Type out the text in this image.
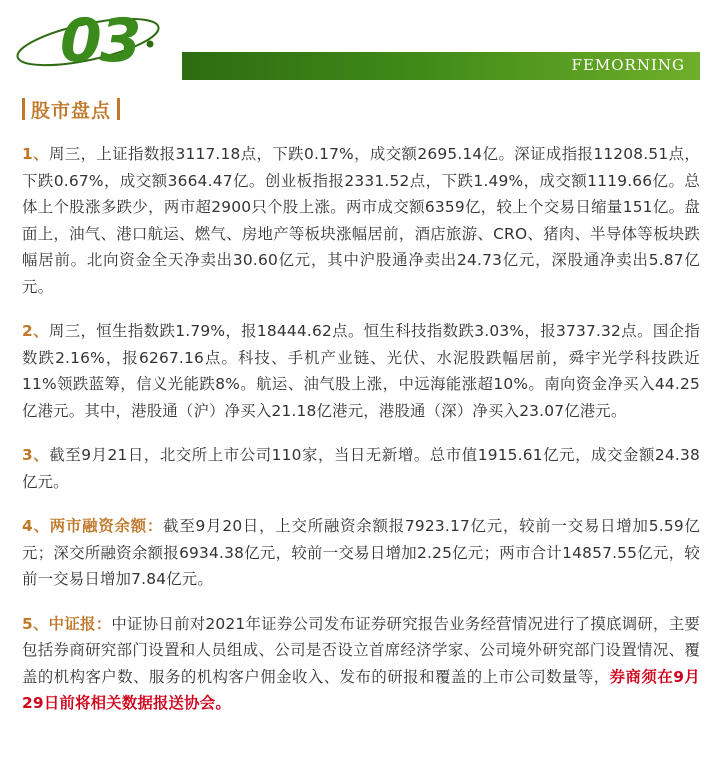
03	FEMORNING
股市盘点

1、周三，上证指数报3117.18点，下跌0.17%，成交额2695.14亿。深证成指报11208.51点，下跌0.67%，成交额3664.47亿。创业板指报2331.52点，下跌1.49%，成交额1119.66亿。总体上个股涨多跌少，两市超2900只个股上涨。两市成交额6359亿，较上个交易日缩量151亿。盘面上，油气、港口航运、燃气、房地产等板块涨幅居前，酒店旅游、CRO、猪肉、半导体等板块跌幅居前。北向资金全天净卖出30.60亿元，其中沪股通净卖出24.73亿元，深股通净卖出5.87亿元。

2、周三，恒生指数跌1.79%，报18444.62点。恒生科技指数跌3.03%，报3737.32点。国企指数跌2.16%，报6267.16点。科技、手机产业链、光伏、水泥股跌幅居前，舜宇光学科技跌近11%领跌蓝筹，信义光能跌8%。航运、油气股上涨，中远海能涨超10%。南向资金净买入44.25亿港元。其中，港股通（沪）净买入21.18亿港元，港股通（深）净买入23.07亿港元。

3、截至9月21日，北交所上市公司110家，当日无新增。总市值1915.61亿元，成交金额24.38亿元。

4、两市融资余额：截至9月20日，上交所融资余额报7923.17亿元，较前一交易日增加5.59亿元；深交所融资余额报6934.38亿元，较前一交易日增加2.25亿元；两市合计14857.55亿元，较前一交易日增加7.84亿元。

5、中证报：中证协日前对2021年证券公司发布证券研究报告业务经营情况进行了摸底调研，主要包括券商研究部门设置和人员组成、公司是否设立首席经济学家、公司境外研究部门设置情况、覆盖的机构客户数、服务的机构客户佣金收入、发布的研报和覆盖的上市公司数量等，券商须在9月29日前将相关数据报送协会。
